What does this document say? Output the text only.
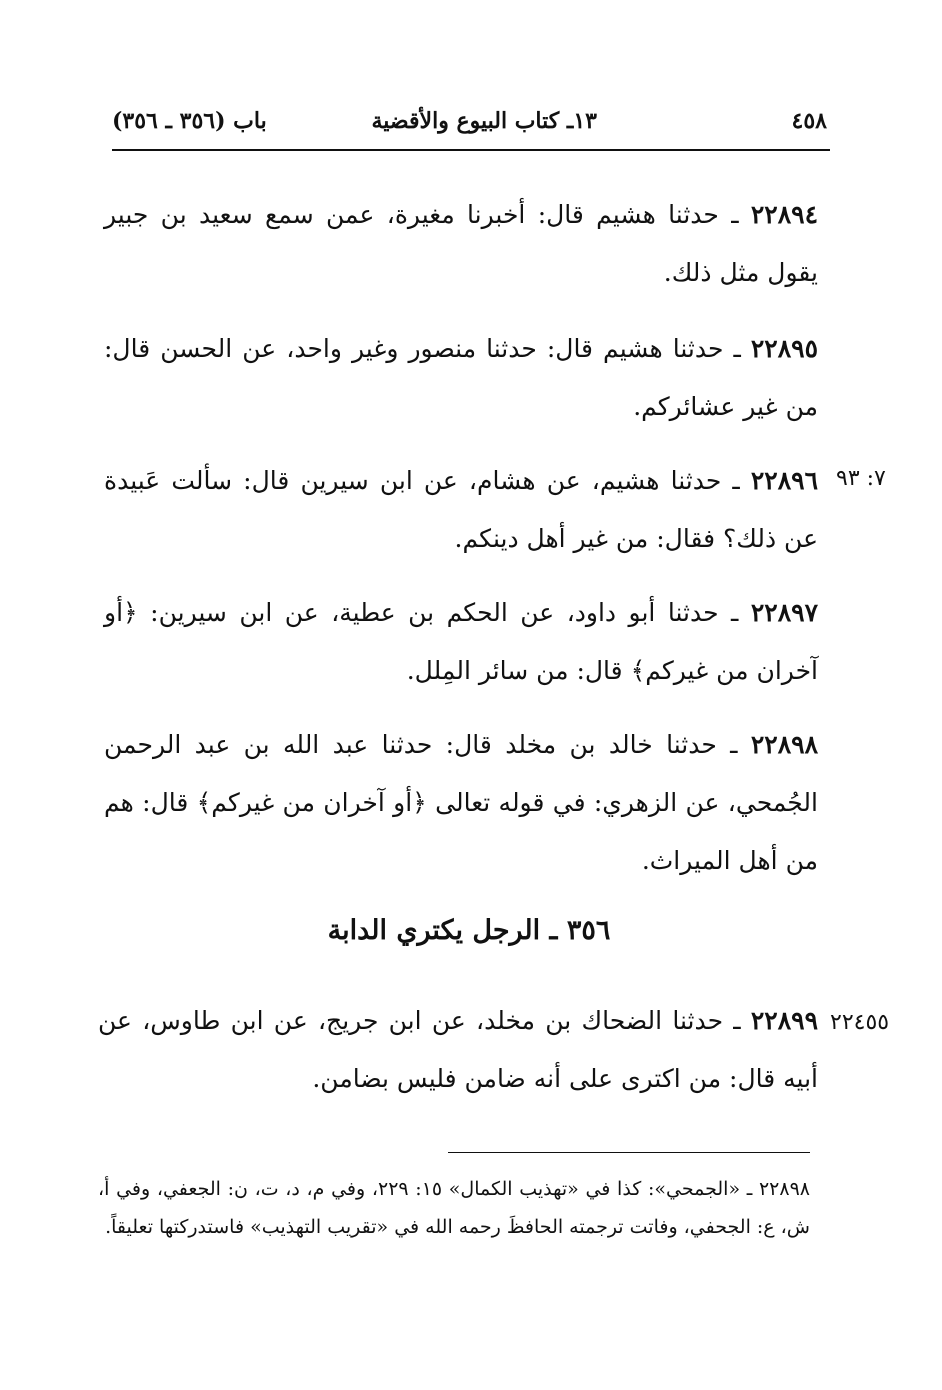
٤٥٨
١٣ـ كتاب البيوع والأقضية
باب (٣٥٦ ـ ٣٥٦)

٢٢٨٩٤ ـ حدثنا هشيم قال: أخبرنا مغيرة، عمن سمع سعيد بن جبير يقول مثل ذلك.

٢٢٨٩٥ ـ حدثنا هشيم قال: حدثنا منصور وغير واحد، عن الحسن قال: من غير عشائركم.

٧: ٩٣

٢٢٨٩٦ ـ حدثنا هشيم، عن هشام، عن ابن سيرين قال: سألت عَبيدة عن ذلك؟ فقال: من غير أهل دينكم.

٢٢٨٩٧ ـ حدثنا أبو داود، عن الحكم بن عطية، عن ابن سيرين: ﴿أو آخران من غيركم﴾ قال: من سائر المِلل.

٢٢٨٩٨ ـ حدثنا خالد بن مخلد قال: حدثنا عبد الله بن عبد الرحمن الجُمحي، عن الزهري: في قوله تعالى ﴿أو آخران من غيركم﴾ قال: هم من أهل الميراث.

٣٥٦ ـ الرجل يكتري الدابة
٢٢٤٥٥

٢٢٨٩٩ ـ حدثنا الضحاك بن مخلد، عن ابن جريج، عن ابن طاوس، عن أبيه قال: من اكترى على أنه ضامن فليس بضامن.

٢٢٨٩٨ ـ «الجمحي»: كذا في «تهذيب الكمال» ١٥: ٢٢٩، وفي م، د، ت، ن: الجعفي، وفي أ، ش، ع: الجحفي، وفاتت ترجمته الحافظَ رحمه الله في «تقريب التهذيب» فاستدركتها تعليقاً.
